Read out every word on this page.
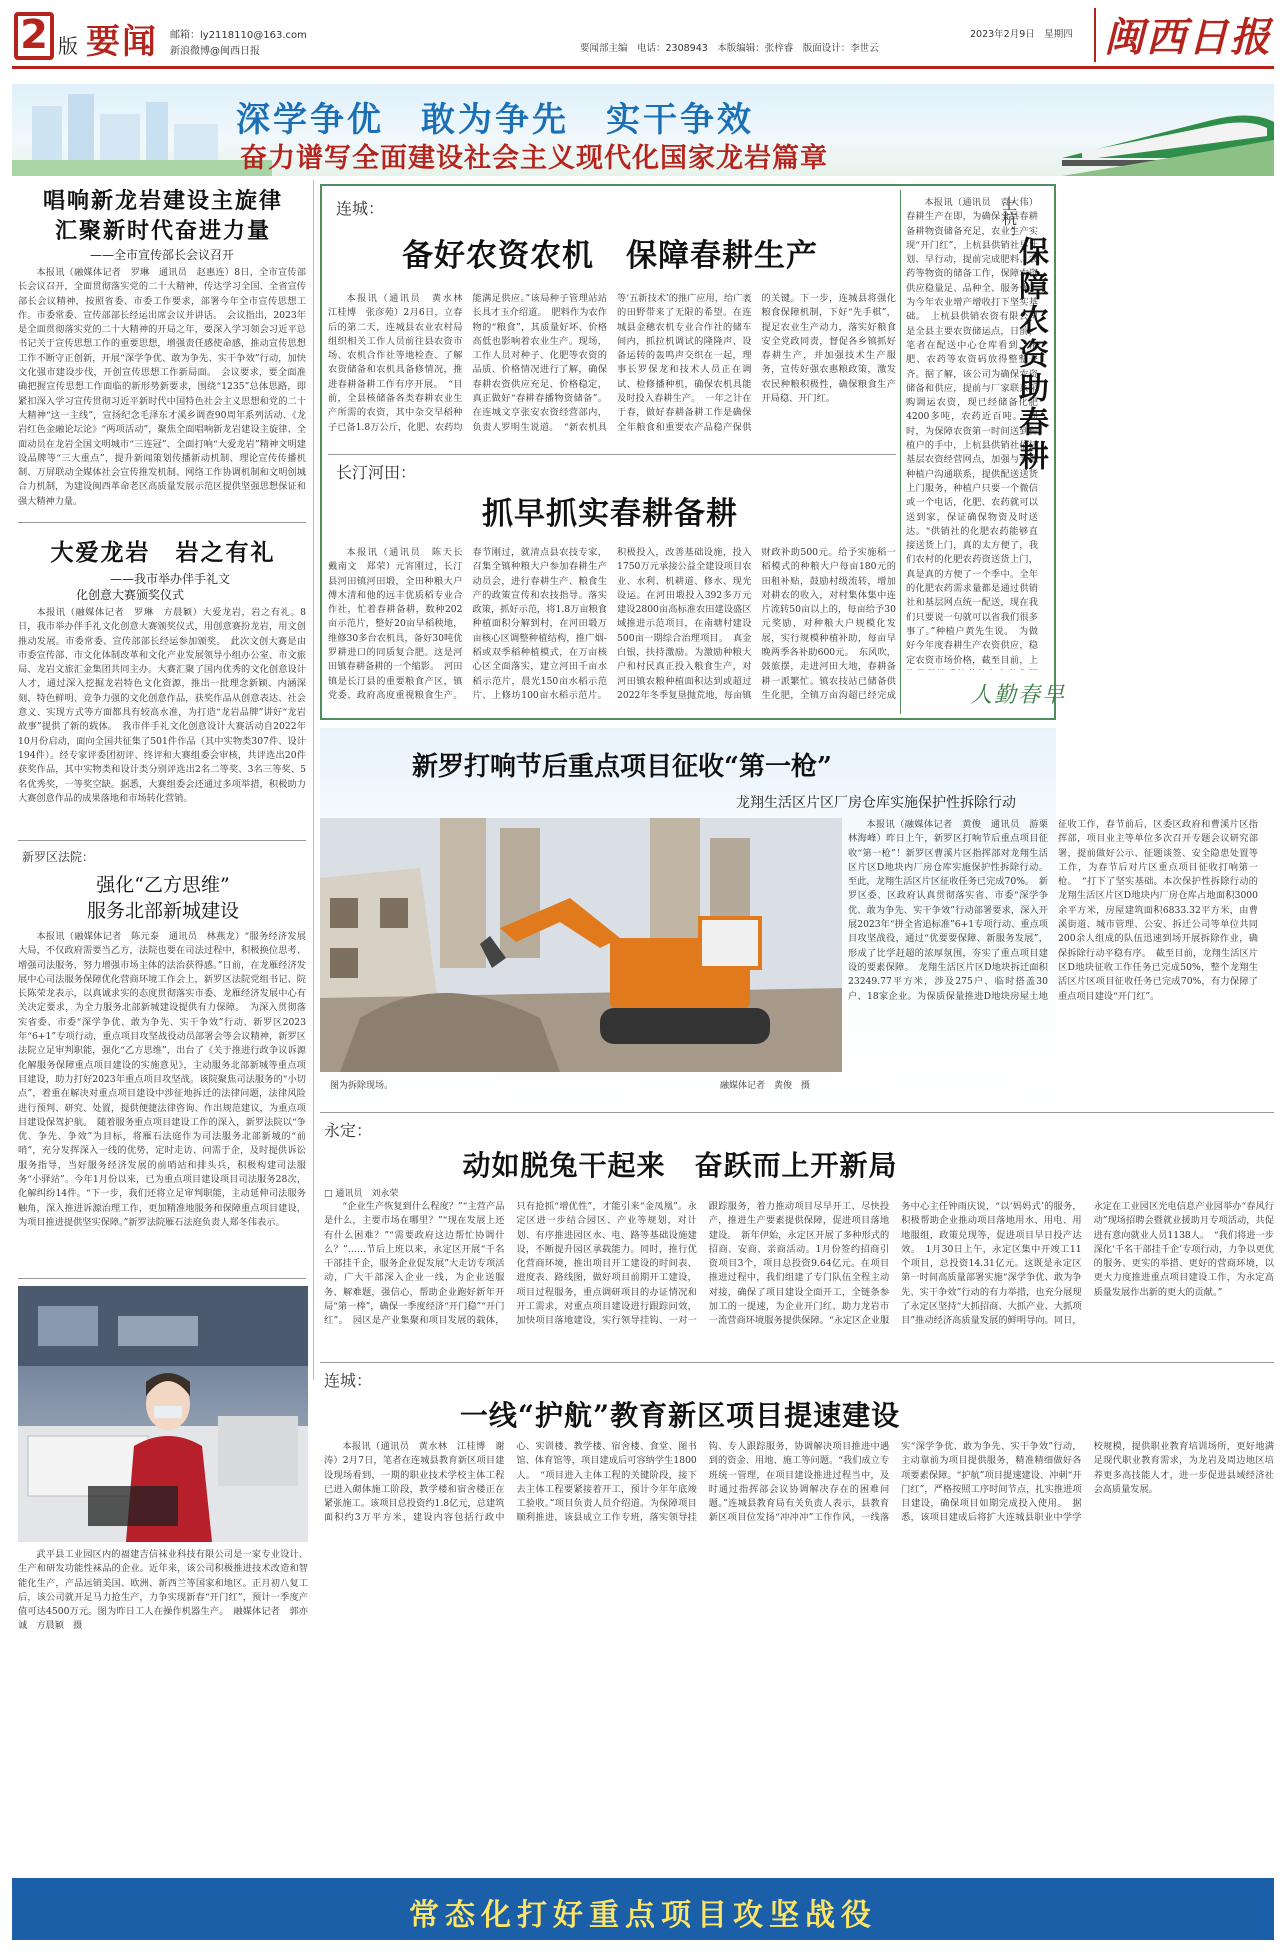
2 版 要闻 邮箱：ly2118110@163.com
新浪微博@闽西日报	要闻部主编　电话：2308943　本版编辑：张梓睿　版面设计：李世云
2023年2月9日　星期四 闽西日报
深学争优　敢为争先　实干争效
奋力谱写全面建设社会主义现代化国家龙岩篇章
唱响新龙岩建设主旋律
汇聚新时代奋进力量
——全市宣传部长会议召开
本报讯（融媒体记者　罗琳　通讯员　赵惠连）8日，全市宣传部长会议召开，全面贯彻落实党的二十大精神，传达学习全国、全省宣传部长会议精神，按照省委、市委工作要求，部署今年全市宣传思想工作。市委常委、宣传部部长经运出席会议并讲话。　会议指出，2023年是全面贯彻落实党的二十大精神的开局之年，要深入学习领会习近平总书记关于宣传思想工作的重要思想，增强责任感使命感，推动宣传思想工作不断守正创新，开展“深学争优、敢为争先、实干争效”行动，加快文化强市建设步伐，开创宣传思想工作新局面。　会议要求，要全面准确把握宣传思想工作面临的新形势新要求，围绕“1235”总体思路，即紧扣深入学习宣传贯彻习近平新时代中国特色社会主义思想和党的二十大精神“这一主线”，宣扬纪念毛泽东才溪乡调查90周年系列活动、《龙岩红色金融论坛论》“两项活动”，聚焦全面唱响新龙岩建设主旋律、全面动员在龙岩全国文明城市“三连冠”、全面打响“大爱龙岩”精神文明建设品牌等“三大重点”，提升新闻策划传播新动机制、理论宣传传播机制、万屏联动全媒体社会宣传推发机制、网络工作协调机制和文明创城合力机制，为建设闽西革命老区高质量发展示范区提供坚强思想保证和强大精神力量。
大爱龙岩　岩之有礼
——我市举办伴手礼文
化创意大赛颁奖仪式
本报讯（融媒体记者　罗琳　方晨颖）大爱龙岩，岩之有礼。8日，我市举办伴手礼文化创意大赛颁奖仪式，用创意赛扮龙岩，用文创推动发展。市委常委、宣传部部长经运参加颁奖。　此次文创大赛是由市委宣传部、市文化体制改革和文化产业发展领导小组办公室、市文旅局、龙岩文旅汇金集团共同主办。大赛汇聚了国内优秀的文化创意设计人才，通过深入挖掘龙岩特色文化资源，推出一批理念新颖、内涵深刻、特色鲜明、竞争力强的文化创意作品，获奖作品从创意表达、社会意义、实现方式等方面都具有较高水准，为打造“龙岩品牌”讲好“龙岩故事”提供了新的载体。　我市伴手礼文化创意设计大赛活动自2022年10月份启动，面向全国共征集了501件作品（其中实物类307件、设计194件）。经专家评委团初评、终评和大赛组委会审核，共评选出20件获奖作品，其中实物类和设计类分别评选出2名二等奖、3名三等奖、5名优秀奖，一等奖空缺。据悉，大赛组委会还通过多项举措，积极助力大赛创意作品的成果落地和市场转化营销。
新罗区法院：
强化“乙方思维”
服务北部新城建设
本报讯（融媒体记者　陈元泰　通讯员　林燕龙）“服务经济发展大局，不仅政府需要当乙方，法院也要在司法过程中，积极换位思考、增强司法服务，努力增强市场主体的法治获得感。”日前，在龙雁经济发展中心司法服务保障优化营商环境工作会上，新罗区法院党组书记、院长陈荣龙表示，以真诚求实的态度贯彻落实市委、龙雁经济发展中心有关决定要求，为全力服务北部新城建设提供有力保障。　为深入贯彻落实省委、市委“深学争优、敢为争先、实干争效”行动、新罗区2023年“6+1”专项行动，重点项目攻坚战役动员部署会等会议精神，新罗区法院立足审判职能，强化“乙方思维”，出台了《关于推进行政争议诉源化解服务保障重点项目建设的实施意见》，主动服务北部新城等重点项目建设，助力打好2023年重点项目攻坚战。该院聚焦司法服务的“小切点”，着重在解决对重点项目建设中涉征地拆迁的法律问题，法律风险进行预判、研究、处置，提供便捷法律咨询、作出规范建议，为重点项目建设保驾护航。　随着服务重点项目建设工作的深入，新罗法院以“争优、争先、争效”为目标，将雁石法庭作为司法服务北部新城的“前哨”，充分发挥深入一线的优势，定时走访、问需于企，及时提供诉讼服务指导，当好服务经济发展的前哨站和排头兵，积极构建司法服务“小驿站”。今年1月份以来，已为重点项目建设项目司法服务28次，化解纠纷14件。“下一步，我们还将立足审判职能，主动延伸司法服务触角，深入推进诉源治理工作，更加精准地服务和保障重点项目建设，为项目推进提供坚实保障。”新罗法院雁石法庭负责人郑冬伟表示。
武平县工业园区内的福建吉信袜业科技有限公司是一家专业设计、生产和研发功能性袜品的企业。近年来，该公司积极推进技术改造和智能化生产，产品远销美国、欧洲、新西兰等国家和地区。正月初八复工后，该公司就开足马力抢生产，力争实现新春“开门红”，预计一季度产值可达4500万元。图为昨日工人在操作机器生产。　融媒体记者　郭亦诚　方晨颖　摄
连城：
备好农资农机　保障春耕生产
本报讯（通讯员　黄水林　江桂博　张彦苑）2月6日，立春后的第二天，连城县农业农村局组织相关工作人员前往县农资市场、农机合作社等地检查、了解农资储备和农机具备修情况，推进春耕备耕工作有序开展。　“目前，全县核储备各类春耕农业生产所需的农资，其中杂交早稻种子已备1.8万公斤，化肥、农药均能满足供应。”该局种子管理站站长具才玉介绍道。　肥料作为农作物的“粮食”，其质量好坏、价格高低也影响着农业生产。现场，工作人员对种子、化肥等农资的品质、价格情况进行了解，确保春耕农资供应充足、价格稳定，真正做好“春耕春播物资储备”。在连城文亨张安农资经营部内，负责人罗明生说道。　“新农机具等‘五新技术’的推广应用，给广袤的田野带来了无限的希望。在连城县金穗农机专业合作社的储车间内，抓拉机调试的隆隆声、设备运转的轰鸣声交织在一起，理事长罗保龙和技术人员正在调试、检修播种机，确保农机具能及时投入春耕生产。　一年之计在于春，做好春耕备耕工作是确保全年粮食和重要农产品稳产保供的关键。下一步，连城县将强化粮食保障机制，下好“先手棋”，提足农业生产动力，落实好粮食安全党政同责，督促各乡镇抓好春耕生产，并加强技术生产服务，宣传好强农惠粮政策，激发农民种粮积极性，确保粮食生产开局稳、开门红。
长汀河田：
抓早抓实春耕备耕
本报讯（通讯员　陈天长　戴南文　郑荣）元宵刚过，长汀县河田镇河田塅，全田种粮大户傅木清和他的远丰优质稻专业合作社，忙着春耕备耕，数种202亩示范片，整好20亩早稻秧地，维修30多台农机具，备好30吨优罗耕进口的同质复合肥。这是河田镇春耕备耕的一个缩影。　河田镇是长汀县的重要粮食产区，镇党委、政府高度重视粮食生产。春节刚过，就清点县农技专家，召集全镇种粮大户参加春耕生产动员会，进行春耕生产、粮食生产的政策宣传和农技指导。落实政策，抓好示范，将1.8万亩粮食种植面积分解到村，在河田塅万亩核心区调整种植结构，推广烟-稻或双季稻种植模式，在万亩核心区全面落实，建立河田千亩水稻示范片，晨光150亩水稻示范片、上修坊100亩水稻示范片。积极投入，改善基础设施，投入1750万元承接公益全建设项目农业、水利、机耕道、修水、现光设运。在河田塅投入392多万元建设2800亩高标准农田建设盛区域推进示范项目，在南塘村建设500亩一期综合治理项目。　真金白银，扶持激励。为激励种粮大户和村民真正投入粮食生产，对河田镇农粮种植面积达到或超过2022年冬季复垦抛荒地，每亩镇财政补助500元。给予实施稻一稻模式的种粮大户每亩180元的田租补贴，鼓励村级流转，增加对耕农的收入，对村集体集中连片流转50亩以上的，每亩给予30元奖励，对种粮大户规模化发展，实行规模种植补助，每亩早晚两季各补助600元。　东风吹，鼓旅摆，走进河田大地，春耕备耕一派繁忙。镇农技站已储备供生化肥，全镇万亩沟超已经完成
本报讯（通讯员　袁大伟）春耕生产在即，为确保全县春耕备耕物资储备充足，农业生产实现“开门红”，上杭县供销社早计划、早行动，提前完成肥料、农药等物资的储备工作，保障农资供应稳量足、品种全、服务优，为今年农业增产增收打下坚实基础。　上杭县供销农资有限公司是全县主要农资储运点，日前，笔者在配送中心仓库看到，化肥、农药等农资码放得整整齐齐。据了解，该公司为确保农资储备和供应，提前与厂家联系采购调运农资，现已经储备化肥4200多吨，农药近百吨。　同时，为保障农资第一时间送到种植户的手中，上杭县供销社依托基层农资经营网点，加强与当地种植户沟通联系，提供配送送货上门服务，种植户只要一个微信或一个电话，化肥、农药就可以送到家，保证确保物资及时送达。“供销社的化肥农药能够直接送货上门，真的太方便了，我们农村的化肥农药资送货上门，真是真的方便了一个季中。全年的化肥农药需求量都是通过供销社和基层网点统一配送，现在我们只要说一句就可以省我们很多事了。”种植户黄先生说。　为做好今年度春耕生产农资供应，稳定农资市场价格，截至目前，上
上杭：
保障农资助春耕
人勤春早
新罗打响节后重点项目征收“第一枪”
龙翔生活区片区厂房仓库实施保护性拆除行动
图为拆除现场。	融媒体记者　黄俊　摄
本报讯（融媒体记者　黄俊　通讯员　游栗　林海峰）昨日上午，新罗区打响节后重点项目征收“第一枪”！新罗区曹溪片区指挥部对龙翔生活区片区D地块内厂房仓库实施保护性拆除行动。至此，龙翔生活区片区征收任务已完成70%。　新罗区委、区政府认真贯彻落实省、市委“深学争优、敢为争先、实干争效”行动部署要求，深入开展2023年“拼全省追标准”6+1专项行动、重点项目攻坚战役，通过“优要要保障、新服务发展”，形成了比学赶超的浓厚氛围，夯实了重点项目建设的要素保障。　龙翔生活区片区D地块拆迁面积23249.77平方米，涉及275户、临时搭盖30户、18家企业。为保质保量推进D地块房屋土地征收工作，春节前后，区委区政府和曹溪片区指挥部，项目业主等单位多次召开专题会议研究部署，提前做好公示、征题谈签、安全隐患处置等工作，为春节后对片区重点项目征收打响第一枪。　“打下了坚实基础。本次保护性拆除行动的龙翔生活区片区D地块内厂房仓库占地面积3000余平方米，房屋建筑面积6833.32平方米，由曹溪街道、城市管理、公安、拆迁公司等单位共同200余人组成的队伍迅速到场开展拆除作业，确保拆除行动平稳有序。　截至目前，龙翔生活区片区D地块征收工作任务已完成50%，整个龙翔生活区片区项目征收任务已完成70%，有力保障了重点项目建设“开门红”。
永定：
动如脱兔干起来　奋跃而上开新局
□ 通讯员　刘永荣
“企业生产恢复到什么程度？”“主营产品是什么，主要市场在哪里？”“现在发展上还有什么困难？”“需要政府这边帮忙协调什么？”……节后上班以来，永定区开展“千名干部挂千企，服务企业促发展”大走访专项活动，广大干部深入企业一线，为企业送服务、解难题，强信心，帮助企业跑好新年开局“第一棒”，确保一季度经济“开门稳”“开门红”。　园区是产业集聚和项目发展的载体，只有抢抓“增优性”，才能引来“金凤凰”。永定区进一步结合园区、产业等规划，对计划、有序推进园区水、电、路等基础设施建设，不断提升园区承载能力。同时，推行优化营商环境，推出项目开工建设的时间表、进度表、路线图，做好项目前期开工建设，项目过程服务，重点调研项目的办证情况和开工需求，对重点项目建设进行跟踪问效，加快项目落地建设，实行领导挂钩、一对一跟踪服务，着力推动项目尽早开工、尽快投产，推进生产要素提供保障，促进项目落地建设。　新年伊始，永定区开展了多种形式的招商、安商、亲商活动。1月份签约招商引资项目3个，项目总投资9.64亿元。在项目推进过程中，我们组建了专门队伍全程主动对接，确保了项目建设全面开工，全链条参加工的一提速，为企业开门红、助力龙岩市一流营商环境服务提供保障。“永定区企业服务中心主任钟雨庆说，“以‘妈妈式’的服务，积极帮助企业推动项目落地用水、用电、用地服组，政策兑现等，促进项目早日投产达效。　1月30日上午，永定区集中开竣工11个项目，总投资14.31亿元。这既是永定区第一时间高质量部署实施“深学争优、敢为争先、实干争效”行动的有力举措，也充分展现了永定区坚持“大抓招商、大抓产业、大抓项目”推动经济高质量发展的鲜明导向。同日，永定在工业园区光电信息产业园举办“春风行动”现场招聘会暨就业援助月专项活动，共促进有意向就业人员1138人。　“我们将进一步深化‘千名干部挂千企’专项行动，力争以更优的服务、更实的举措、更好的营商环境，以更大力度推进重点项目建设工作，为永定高质量发展作出新的更大的贡献。”
连城：
一线“护航”教育新区项目提速建设
本报讯（通讯员　黄水林　江桂博　谢涛）2月7日，笔者在连城县教育新区项目建设现场看到，一期的职业技术学校主体工程已进入砌体施工阶段，教学楼和宿舍楼正在紧张施工。该项目总投资约1.8亿元，总建筑面积约3万平方米，建设内容包括行政中心、实训楼、教学楼、宿舍楼、食堂、图书馆、体育馆等，项目建成后可容纳学生1800人。　“项目进入主体工程的关键阶段，接下去主体工程要紧接着开工，预计今年年底竣工验收。”项目负责人员介绍道。为保障项目顺利推进，该县成立工作专班，落实领导挂钩、专人跟踪服务，协调解决项目推进中遇到的资金、用地、施工等问题。“我们成立专班统一管理，在项目建设推进过程当中，及时通过指挥部会议协调解决存在的困难问题。”连城县教育局有关负责人表示，县教育新区项目位发扬“冲冲冲”工作作风，一线落实“深学争优、敢为争先、实干争效”行动，主动靠前为项目提供服务，精准精细做好各项要素保障。“护航”项目提速建设、冲刺“开门红”，严格按照工序时间节点，扎实推进项目建设，确保项目如期完成投入使用。　据悉，该项目建成后将扩大连城县职业中学学校规模，提供职业教育培训场所，更好地满足现代职业教育需求，为龙岩及周边地区培养更多高技能人才，进一步促进县域经济社会高质量发展。
常态化打好重点项目攻坚战役
